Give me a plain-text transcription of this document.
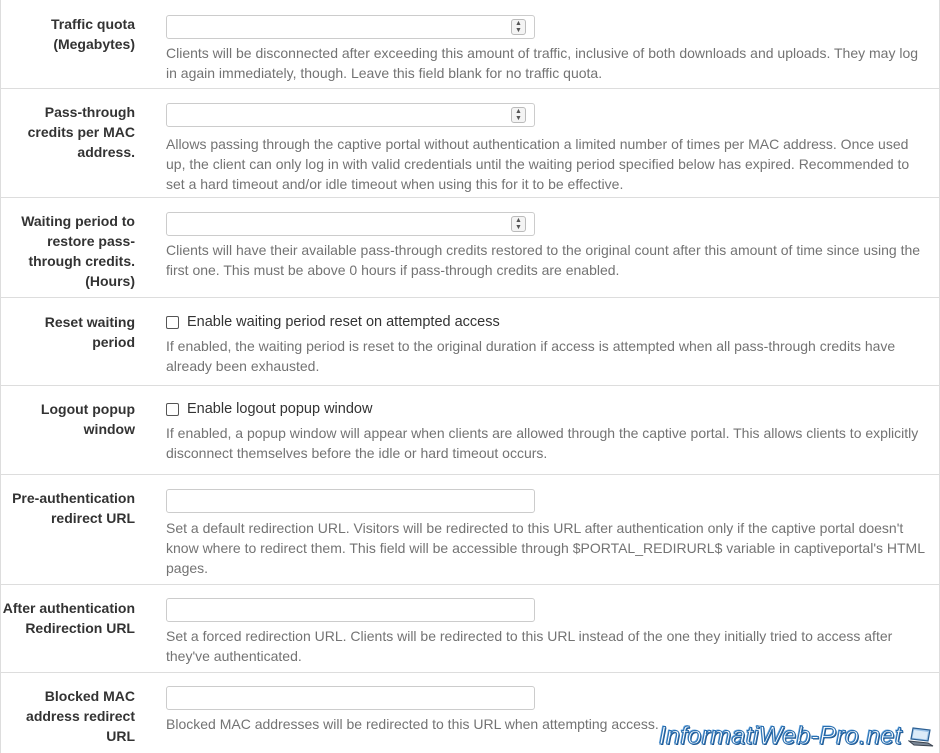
Traffic quota (Megabytes)
▲
▼
Clients will be disconnected after exceeding this amount of traffic, inclusive of both downloads and uploads. They may log in again immediately, though. Leave this field blank for no traffic quota.
Pass-through credits per MAC address.
▲
▼
Allows passing through the captive portal without authentication a limited number of times per MAC address. Once used up, the client can only log in with valid credentials until the waiting period specified below has expired. Recommended to set a hard timeout and/or idle timeout when using this for it to be effective.
Waiting period to restore pass-through credits. (Hours)
▲
▼
Clients will have their available pass-through credits restored to the original count after this amount of time since using the first one. This must be above 0 hours if pass-through credits are enabled.
Reset waiting period
Enable waiting period reset on attempted access
If enabled, the waiting period is reset to the original duration if access is attempted when all pass-through credits have already been exhausted.
Logout popup window
Enable logout popup window
If enabled, a popup window will appear when clients are allowed through the captive portal. This allows clients to explicitly disconnect themselves before the idle or hard timeout occurs.
Pre-authentication redirect URL
Set a default redirection URL. Visitors will be redirected to this URL after authentication only if the captive portal doesn't know where to redirect them. This field will be accessible through $PORTAL_REDIRURL$ variable in captiveportal's HTML pages.
After authentication Redirection URL	Set a forced redirection URL. Clients will be redirected to this URL instead of the one they initially tried to access after they've authenticated.
Blocked MAC address redirect URL
Blocked MAC addresses will be redirected to this URL when attempting access. InformatiWeb-Pro.net
